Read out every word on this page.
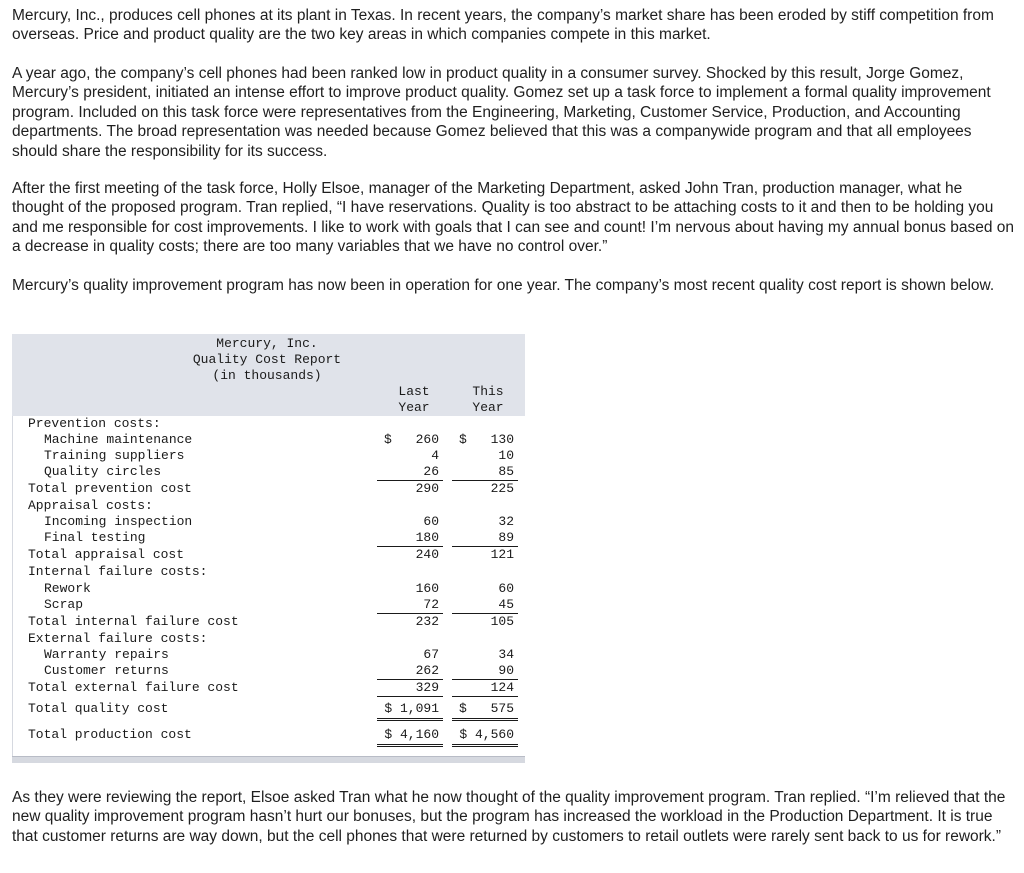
Mercury, Inc., produces cell phones at its plant in Texas. In recent years, the company’s market share has been eroded by stiff competition from overseas. Price and product quality are the two key areas in which companies compete in this market.

A year ago, the company’s cell phones had been ranked low in product quality in a consumer survey. Shocked by this result, Jorge Gomez, Mercury’s president, initiated an intense effort to improve product quality. Gomez set up a task force to implement a formal quality improvement program. Included on this task force were representatives from the Engineering, Marketing, Customer Service, Production, and Accounting departments. The broad representation was needed because Gomez believed that this was a companywide program and that all employees should share the responsibility for its success.

After the first meeting of the task force, Holly Elsoe, manager of the Marketing Department, asked John Tran, production manager, what he thought of the proposed program. Tran replied, “I have reservations. Quality is too abstract to be attaching costs to it and then to be holding you and me responsible for cost improvements. I like to work with goals that I can see and count! I’m nervous about having my annual bonus based on a decrease in quality costs; there are too many variables that we have no control over.”

Mercury’s quality improvement program has now been in operation for one year. The company’s most recent quality cost report is shown below.

Mercury, Inc.
Quality Cost Report
(in thousands)
Last
Year
This
Year
Prevention costs:
Machine maintenance	$	260 $	130
Training suppliers	4	10
Quality circles	26	85
Total prevention cost	290	225
Appraisal costs:
Incoming inspection	60	32
Final testing	180	89
Total appraisal cost	240	121
Internal failure costs:
Rework	160	60
Scrap	72	45
Total internal failure cost	232	105
External failure costs:
Warranty repairs	67	34
Customer returns	262	90
Total external failure cost	329	124
Total quality cost	$ 1,091 $	575
Total production cost	$ 4,160	$ 4,560

As they were reviewing the report, Elsoe asked Tran what he now thought of the quality improvement program. Tran replied. “I’m relieved that the new quality improvement program hasn’t hurt our bonuses, but the program has increased the workload in the Production Department. It is true that customer returns are way down, but the cell phones that were returned by customers to retail outlets were rarely sent back to us for rework.”
